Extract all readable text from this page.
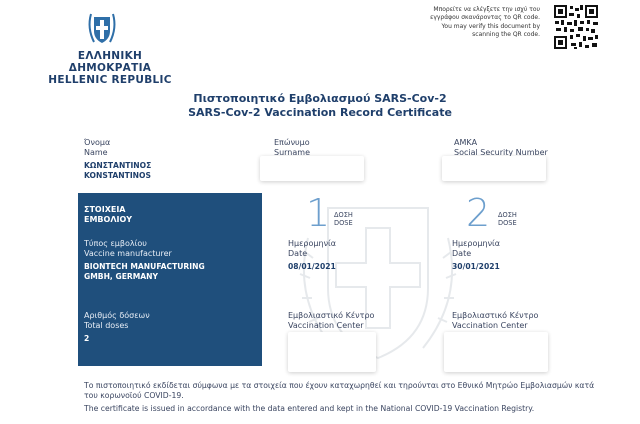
ΕΛΛΗΝΙΚΗ ΔΗΜΟΚΡΑΤΙΑ
HELLENIC REPUBLIC
Μπορείτε να ελέγξετε την ισχύ του
εγγράφου σκανάροντας το QR code.
You may verify this document by
scanning the QR code.
Πιστοποιητικό Εμβολιασμού SARS-Cov-2
SARS-Cov-2 Vaccination Record Certificate
Όνομα
Name
ΚΩΝΣΤΑΝΤΙΝΟΣ
KONSTANTINOS
Επώνυμο
Surname
ΑΜΚΑ
Social Security Number
ΣΤΟΙΧΕΙΑ
ΕΜΒΟΛΙΟΥ
Τύπος εμβολίου
Vaccine manufacturer
BIONTECH MANUFACTURING
GMBH, GERMANY
Αριθμός δόσεων
Total doses
2
1 ΔΟΣΗ
DOSE
Ημερομηνία
Date
08/01/2021
Εμβολιαστικό Κέντρο
Vaccination Center
2 ΔΟΣΗ
DOSE
Ημερομηνία
Date
30/01/2021
Εμβολιαστικό Κέντρο
Vaccination Center
Το πιστοποιητικό εκδίδεται σύμφωνα με τα στοιχεία που έχουν καταχωρηθεί και τηρούνται στο Εθνικό Μητρώο Εμβολιασμών κατά του κορωνοϊού COVID-19.
The certificate is issued in accordance with the data entered and kept in the National COVID-19 Vaccination Registry.
